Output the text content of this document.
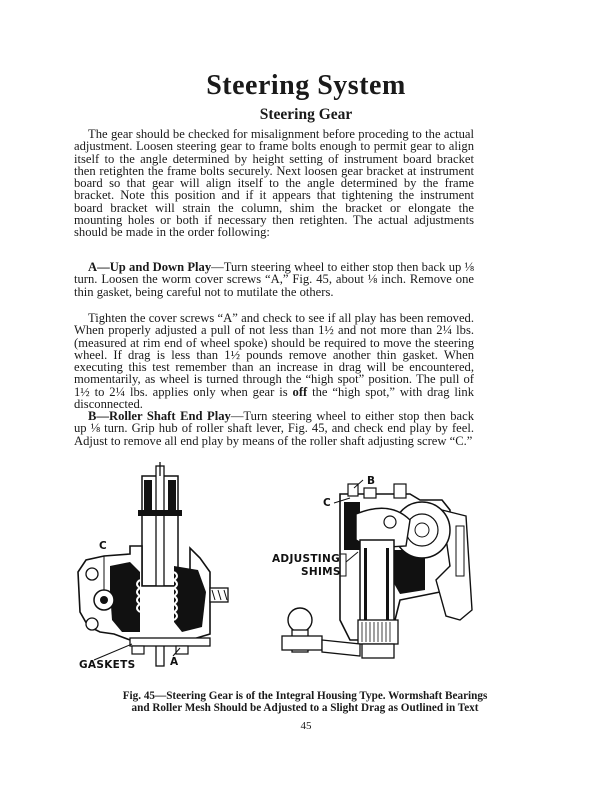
Steering System
Steering Gear

The gear should be checked for misalignment before proceding to the actual adjustment. Loosen steering gear to frame bolts enough to permit gear to align itself to the angle determined by height setting of instrument board bracket then retighten the frame bolts securely. Next loosen gear bracket at instrument board so that gear will align itself to the angle determined by the frame bracket. Note this position and if it appears that tightening the instrument board bracket will strain the column, shim the bracket or elongate the mounting holes or both if necessary then retighten. The actual adjustments should be made in the order following:

A—Up and Down Play—Turn steering wheel to either stop then back up ⅛ turn. Loosen the worm cover screws “A,” Fig. 45, about ⅛ inch. Remove one thin gasket, being careful not to mutilate the others.

Tighten the cover screws “A” and check to see if all play has been removed. When properly adjusted a pull of not less than 1½ and not more than 2¼ lbs. (measured at rim end of wheel spoke) should be required to move the steering wheel. If drag is less than 1½ pounds remove another thin gasket. When executing this test remember than an increase in drag will be encountered, momentarily, as wheel is turned through the “high spot” position. The pull of 1½ to 2¼ lbs. applies only when gear is off the “high spot,” with drag link disconnected.

B—Roller Shaft End Play—Turn steering wheel to either stop then back up ⅛ turn. Grip hub of roller shaft lever, Fig. 45, and check end play by feel. Adjust to remove all end play by means of the roller shaft adjusting screw “C.”

C
GASKETS	A
B
C
ADJUSTING
SHIMS
Fig. 45—Steering Gear is of the Integral Housing Type. Wormshaft Bearings
and Roller Mesh Should be Adjusted to a Slight Drag as Outlined in Text
45
